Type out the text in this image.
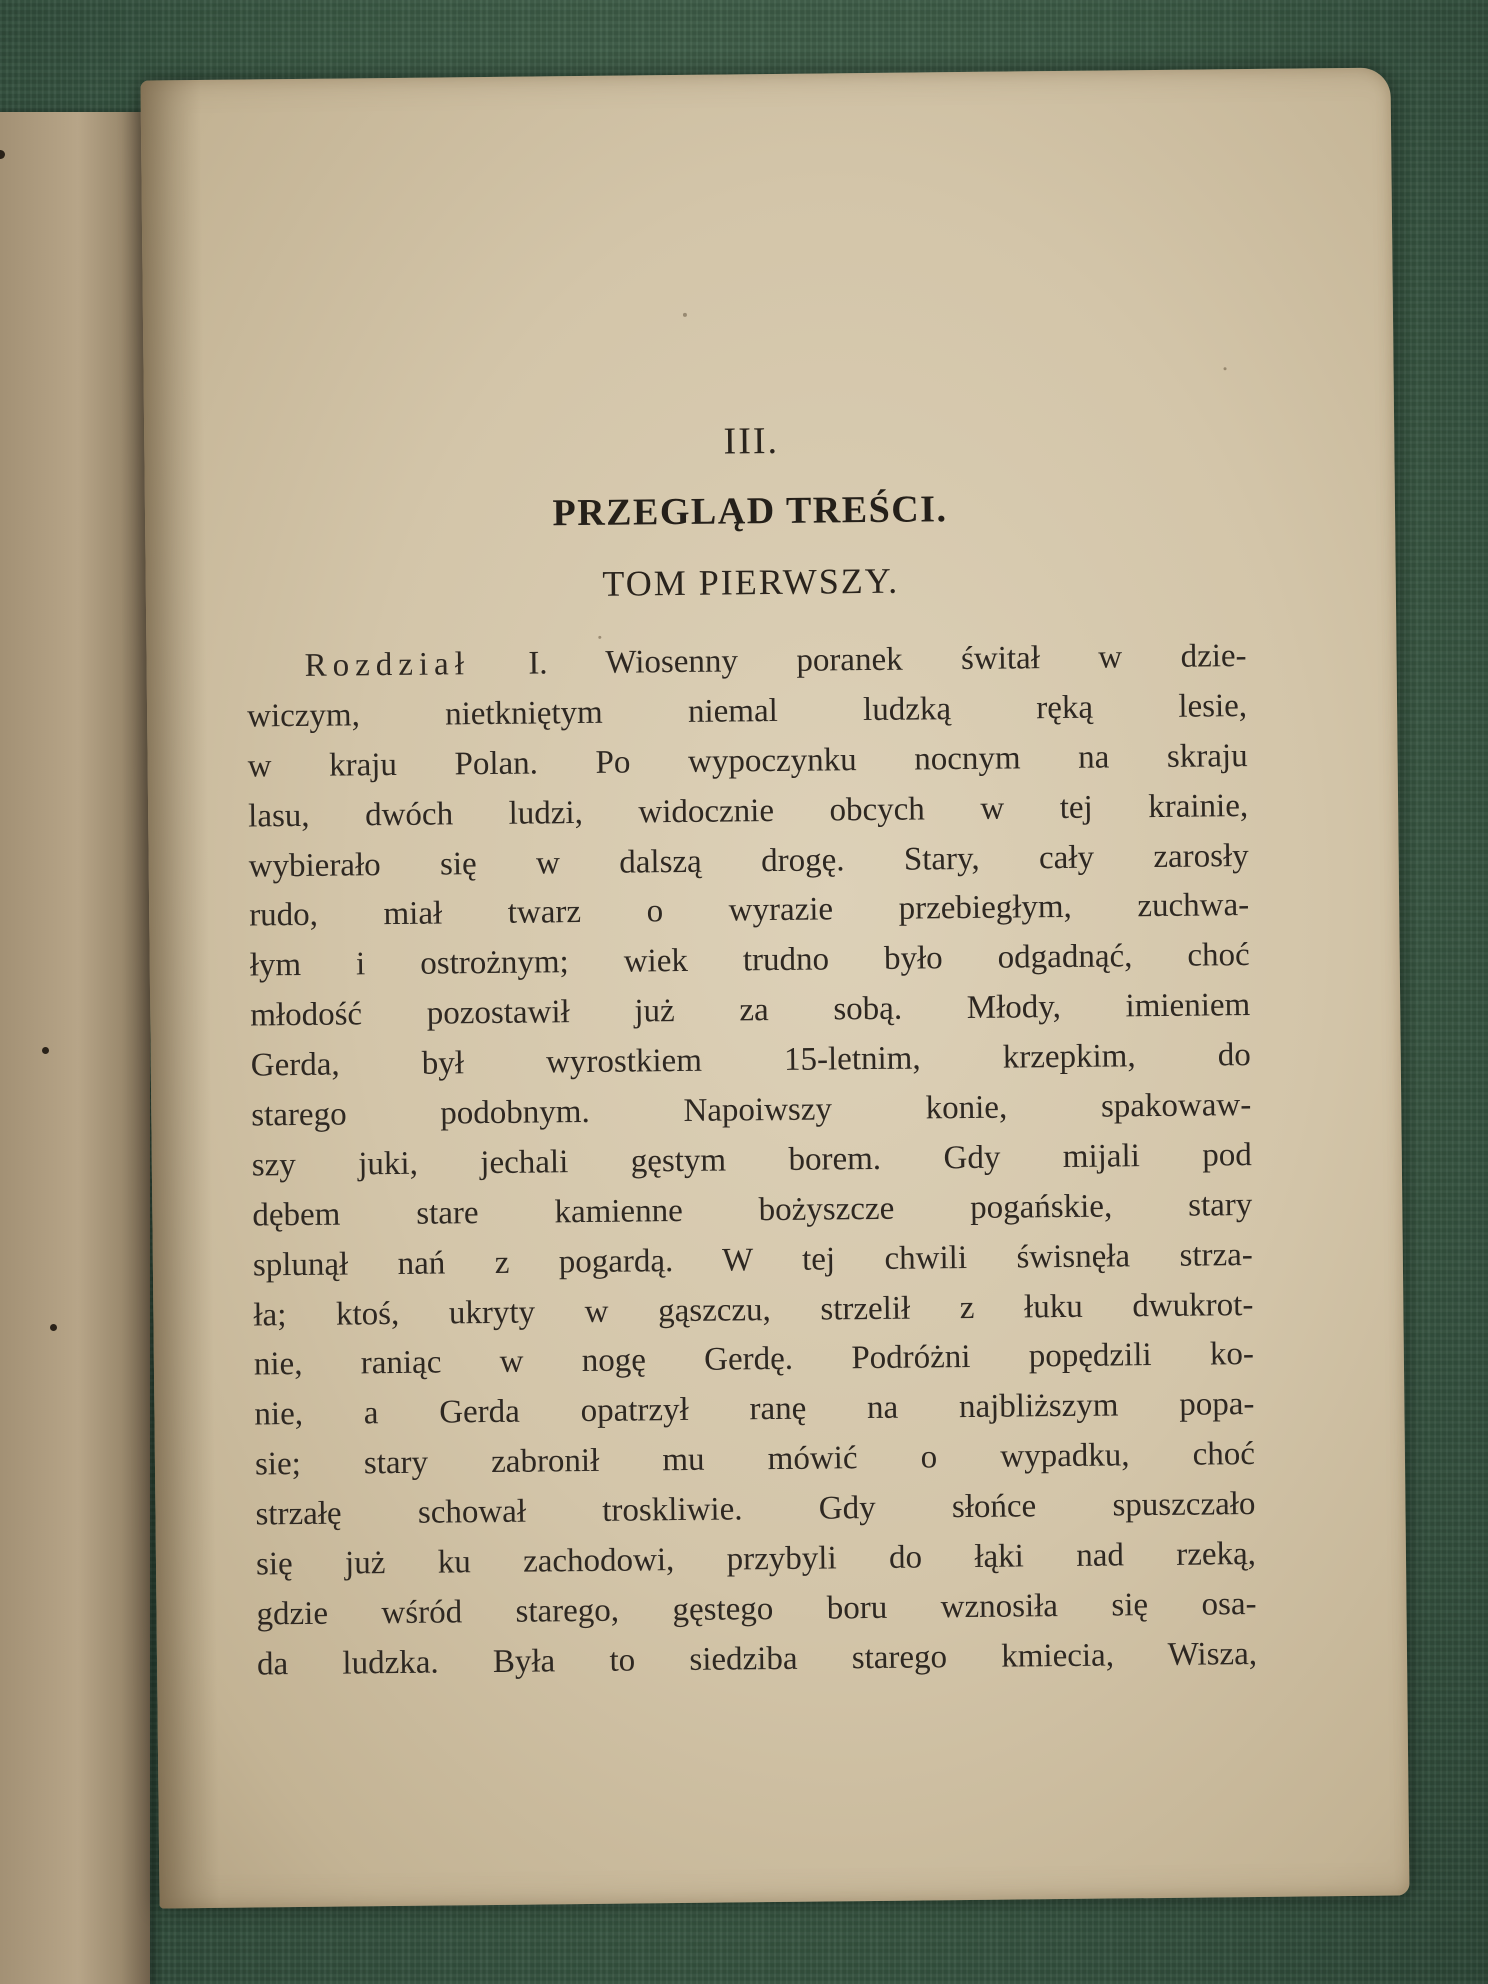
III.
PRZEGLĄD TREŚCI.
TOM PIERWSZY.
Rozdział I. Wiosenny poranek świtał w dzie-
wiczym, nietkniętym niemal ludzką ręką lesie,
w kraju Polan. Po wypoczynku nocnym na skraju
lasu, dwóch ludzi, widocznie obcych w tej krainie,
wybierało się w dalszą drogę. Stary, cały zarosły
rudo, miał twarz o wyrazie przebiegłym, zuchwa-
łym i ostrożnym; wiek trudno było odgadnąć, choć
młodość pozostawił już za sobą. Młody, imieniem
Gerda, był wyrostkiem 15-letnim, krzepkim, do
starego podobnym. Napoiwszy konie, spakowaw-
szy juki, jechali gęstym borem. Gdy mijali pod
dębem stare kamienne bożyszcze pogańskie, stary
splunął nań z pogardą. W tej chwili świsnęła strza-
ła; ktoś, ukryty w gąszczu, strzelił z łuku dwukrot-
nie, raniąc w nogę Gerdę. Podróżni popędzili ko-
nie, a Gerda opatrzył ranę na najbliższym popa-
sie; stary zabronił mu mówić o wypadku, choć
strzałę schował troskliwie. Gdy słońce spuszczało
się już ku zachodowi, przybyli do łąki nad rzeką,
gdzie wśród starego, gęstego boru wznosiła się osa-
da ludzka. Była to siedziba starego kmiecia, Wisza,
